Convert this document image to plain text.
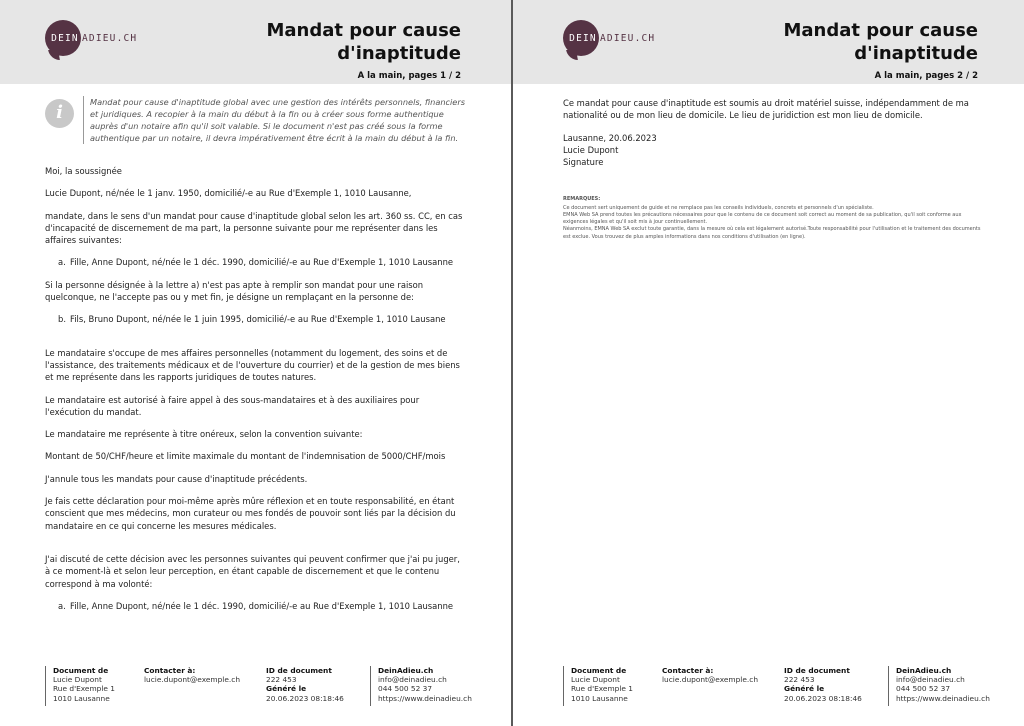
DEIN ADIEU.CH	Mandat pour cause
d'inaptitude
A la main, pages 1 / 2
i
Mandat pour cause d'inaptitude global avec une gestion des intérêts personnels, financiers et juridiques. A recopier à la main du début à la fin ou à créer sous forme authentique auprès d'un notaire afin qu'il soit valable. Si le document n'est pas créé sous la forme authentique par un notaire, il devra impérativement être écrit à la main du début à la fin.
Moi, la soussignée
Lucie Dupont, né/née le 1 janv. 1950, domicilié/-e au Rue d'Exemple 1, 1010 Lausanne,
mandate, dans le sens d'un mandat pour cause d'inaptitude global selon les art. 360 ss. CC, en cas d'incapacité de discernement de ma part, la personne suivante pour me représenter dans les affaires suivantes:
a. Fille, Anne Dupont, né/née le 1 déc. 1990, domicilié/-e au Rue d'Exemple 1, 1010 Lausanne
Si la personne désignée à la lettre a) n'est pas apte à remplir son mandat pour une raison quelconque, ne l'accepte pas ou y met fin, je désigne un remplaçant en la personne de:
b. Fils, Bruno Dupont, né/née le 1 juin 1995, domicilié/-e au Rue d'Exemple 1, 1010 Lausane
Le mandataire s'occupe de mes affaires personnelles (notamment du logement, des soins et de l'assistance, des traitements médicaux et de l'ouverture du courrier) et de la gestion de mes biens et me représente dans les rapports juridiques de toutes natures.
Le mandataire est autorisé à faire appel à des sous-mandataires et à des auxiliaires pour l'exécution du mandat.
Le mandataire me représente à titre onéreux, selon la convention suivante:
Montant de 50/CHF/heure et limite maximale du montant de l'indemnisation de 5000/CHF/mois
J'annule tous les mandats pour cause d'inaptitude précédents.
Je fais cette déclaration pour moi-même après mûre réflexion et en toute responsabilité, en étant conscient que mes médecins, mon curateur ou mes fondés de pouvoir sont liés par la décision du mandataire en ce qui concerne les mesures médicales.
J'ai discuté de cette décision avec les personnes suivantes qui peuvent confirmer que j'ai pu juger, à ce moment-là et selon leur perception, en étant capable de discernement et que le contenu correspond à ma volonté:
a. Fille, Anne Dupont, né/née le 1 déc. 1990, domicilié/-e au Rue d'Exemple 1, 1010 Lausanne
Document de
Lucie Dupont
Rue d'Exemple 1
1010 Lausanne
Contacter à:
lucie.dupont@exemple.ch
ID de document
222 453
Généré le
20.06.2023 08:18:46
DeinAdieu.ch
info@deinadieu.ch
044 500 52 37
https://www.deinadieu.ch
DEIN ADIEU.CH	Mandat pour cause
d'inaptitude
A la main, pages 2 / 2
Ce mandat pour cause d'inaptitude est soumis au droit matériel suisse, indépendamment de ma nationalité ou de mon lieu de domicile. Le lieu de juridiction est mon lieu de domicile.
Lausanne, 20.06.2023
Lucie Dupont
Signature
REMARQUES:
Ce document sert uniquement de guide et ne remplace pas les conseils individuels, concrets et personnels d'un spécialiste.
EMNA Web SA prend toutes les précautions nécessaires pour que le contenu de ce document soit correct au moment de sa publication, qu'il soit conforme aux exigences légales et qu'il soit mis à jour continuellement.
Néanmoins, EMNA Web SA exclut toute garantie, dans la mesure où cela est légalement autorisé.Toute responsabilité pour l'utilisation et le traitement des documents est exclue. Vous trouvez de plus amples informations dans nos conditions d'utilisation (en ligne).
Document de
Lucie Dupont
Rue d'Exemple 1
1010 Lausanne
Contacter à:
lucie.dupont@exemple.ch
ID de document
222 453
Généré le
20.06.2023 08:18:46
DeinAdieu.ch
info@deinadieu.ch
044 500 52 37
https://www.deinadieu.ch
